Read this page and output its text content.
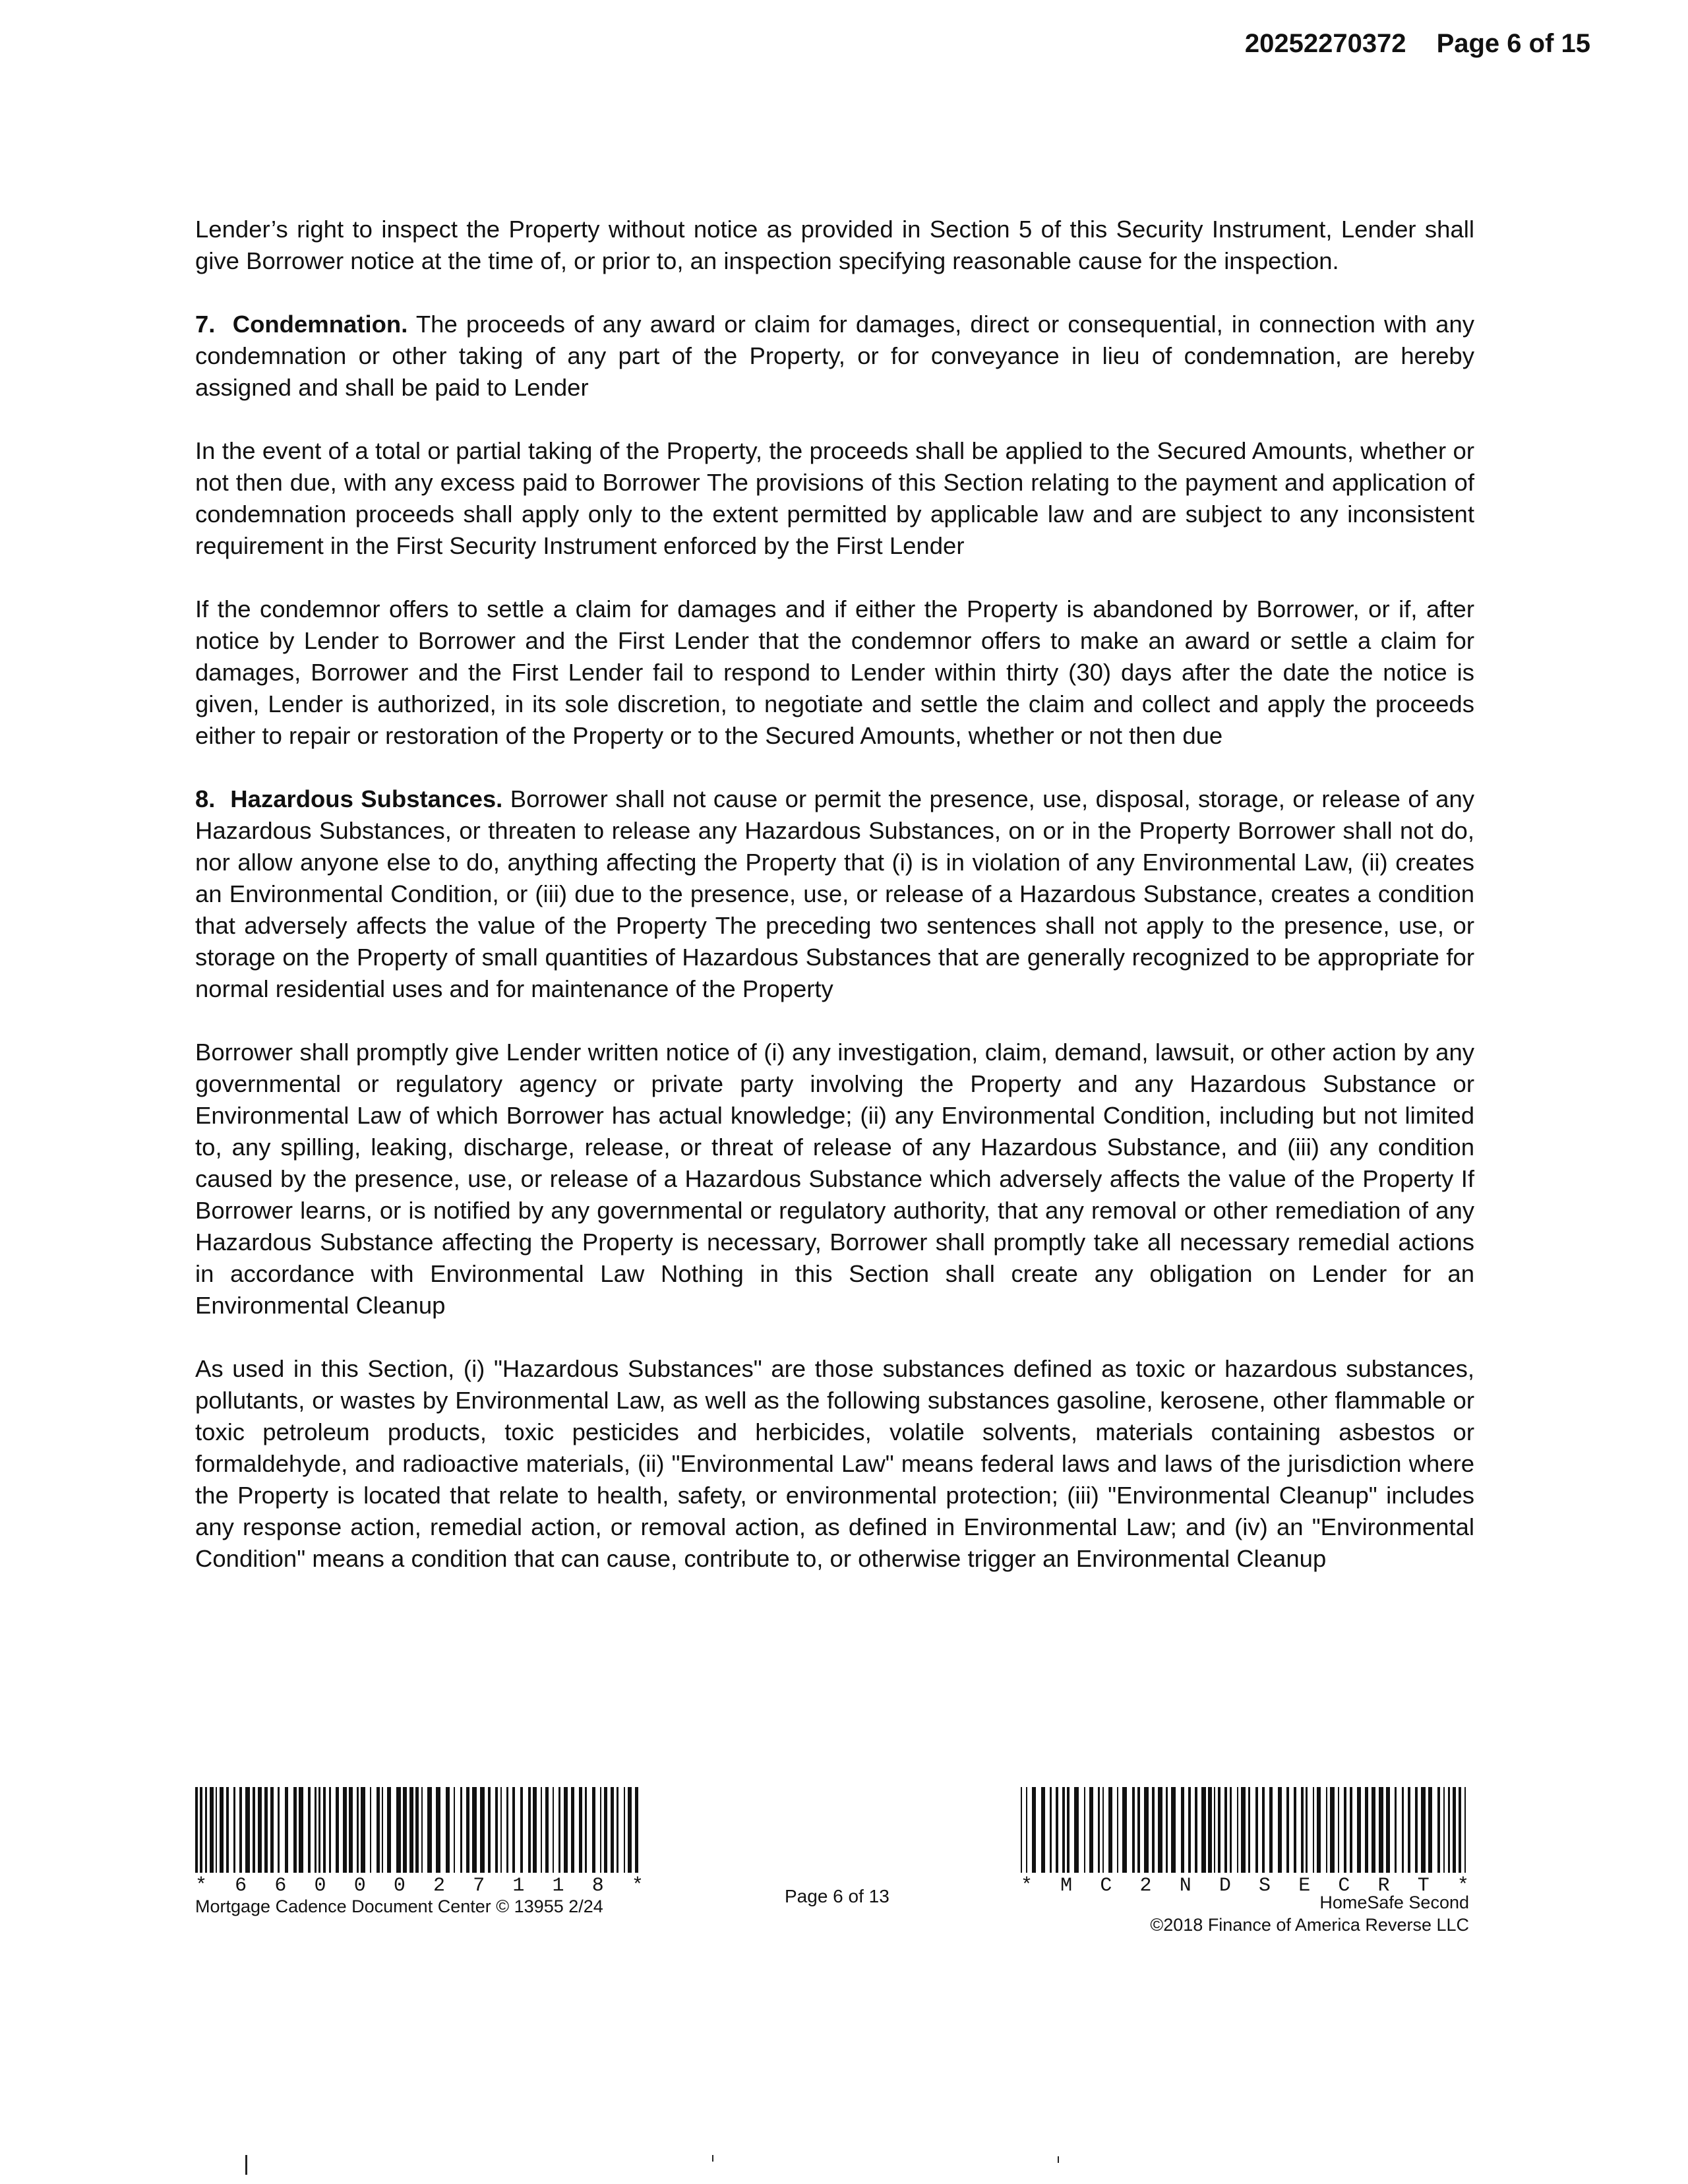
20252270372 Page 6 of 15

Lender’s right to inspect the Property without notice as provided in Section 5 of this Security Instrument, Lender shall give Borrower notice at the time of, or prior to, an inspection specifying reasonable cause for the inspection.

7. Condemnation. The proceeds of any award or claim for damages, direct or consequential, in connection with any condemnation or other taking of any part of the Property, or for conveyance in lieu of condemnation, are hereby assigned and shall be paid to Lender

In the event of a total or partial taking of the Property, the proceeds shall be applied to the Secured Amounts, whether or not then due, with any excess paid to Borrower The provisions of this Section relating to the payment and application of condemnation proceeds shall apply only to the extent permitted by applicable law and are subject to any inconsistent requirement in the First Security Instrument enforced by the First Lender

If the condemnor offers to settle a claim for damages and if either the Property is abandoned by Borrower, or if, after notice by Lender to Borrower and the First Lender that the condemnor offers to make an award or settle a claim for damages, Borrower and the First Lender fail to respond to Lender within thirty (30) days after the date the notice is given, Lender is authorized, in its sole discretion, to negotiate and settle the claim and collect and apply the proceeds either to repair or restoration of the Property or to the Secured Amounts, whether or not then due

8. Hazardous Substances. Borrower shall not cause or permit the presence, use, disposal, storage, or release of any Hazardous Substances, or threaten to release any Hazardous Substances, on or in the Property Borrower shall not do, nor allow anyone else to do, anything affecting the Property that (i) is in violation of any Environmental Law, (ii) creates an Environmental Condition, or (iii) due to the presence, use, or release of a Hazardous Substance, creates a condition that adversely affects the value of the Property The preceding two sentences shall not apply to the presence, use, or storage on the Property of small quantities of Hazardous Substances that are generally recognized to be appropriate for normal residential uses and for maintenance of the Property

Borrower shall promptly give Lender written notice of (i) any investigation, claim, demand, lawsuit, or other action by any governmental or regulatory agency or private party involving the Property and any Hazardous Substance or Environmental Law of which Borrower has actual knowledge; (ii) any Environmental Condition, including but not limited to, any spilling, leaking, discharge, release, or threat of release of any Hazardous Substance, and (iii) any condition caused by the presence, use, or release of a Hazardous Substance which adversely affects the value of the Property If Borrower learns, or is notified by any governmental or regulatory authority, that any removal or other remediation of any Hazardous Substance affecting the Property is necessary, Borrower shall promptly take all necessary remedial actions in accordance with Environmental Law Nothing in this Section shall create any obligation on Lender for an Environmental Cleanup

As used in this Section, (i) "Hazardous Substances" are those substances defined as toxic or hazardous substances, pollutants, or wastes by Environmental Law, as well as the following substances gasoline, kerosene, other flammable or toxic petroleum products, toxic pesticides and herbicides, volatile solvents, materials containing asbestos or formaldehyde, and radioactive materials, (ii) "Environmental Law" means federal laws and laws of the jurisdiction where the Property is located that relate to health, safety, or environmental protection; (iii) "Environmental Cleanup" includes any response action, remedial action, or removal action, as defined in Environmental Law; and (iv) an "Environmental Condition" means a condition that can cause, contribute to, or otherwise trigger an Environmental Cleanup

* 6 6 0 0 0 2 7 1 1 8 *
Mortgage Cadence Document Center © 13955 2/24	Page 6 of 13	* M C 2 N D S E C R T *
HomeSafe Second
©2018 Finance of America Reverse LLC
